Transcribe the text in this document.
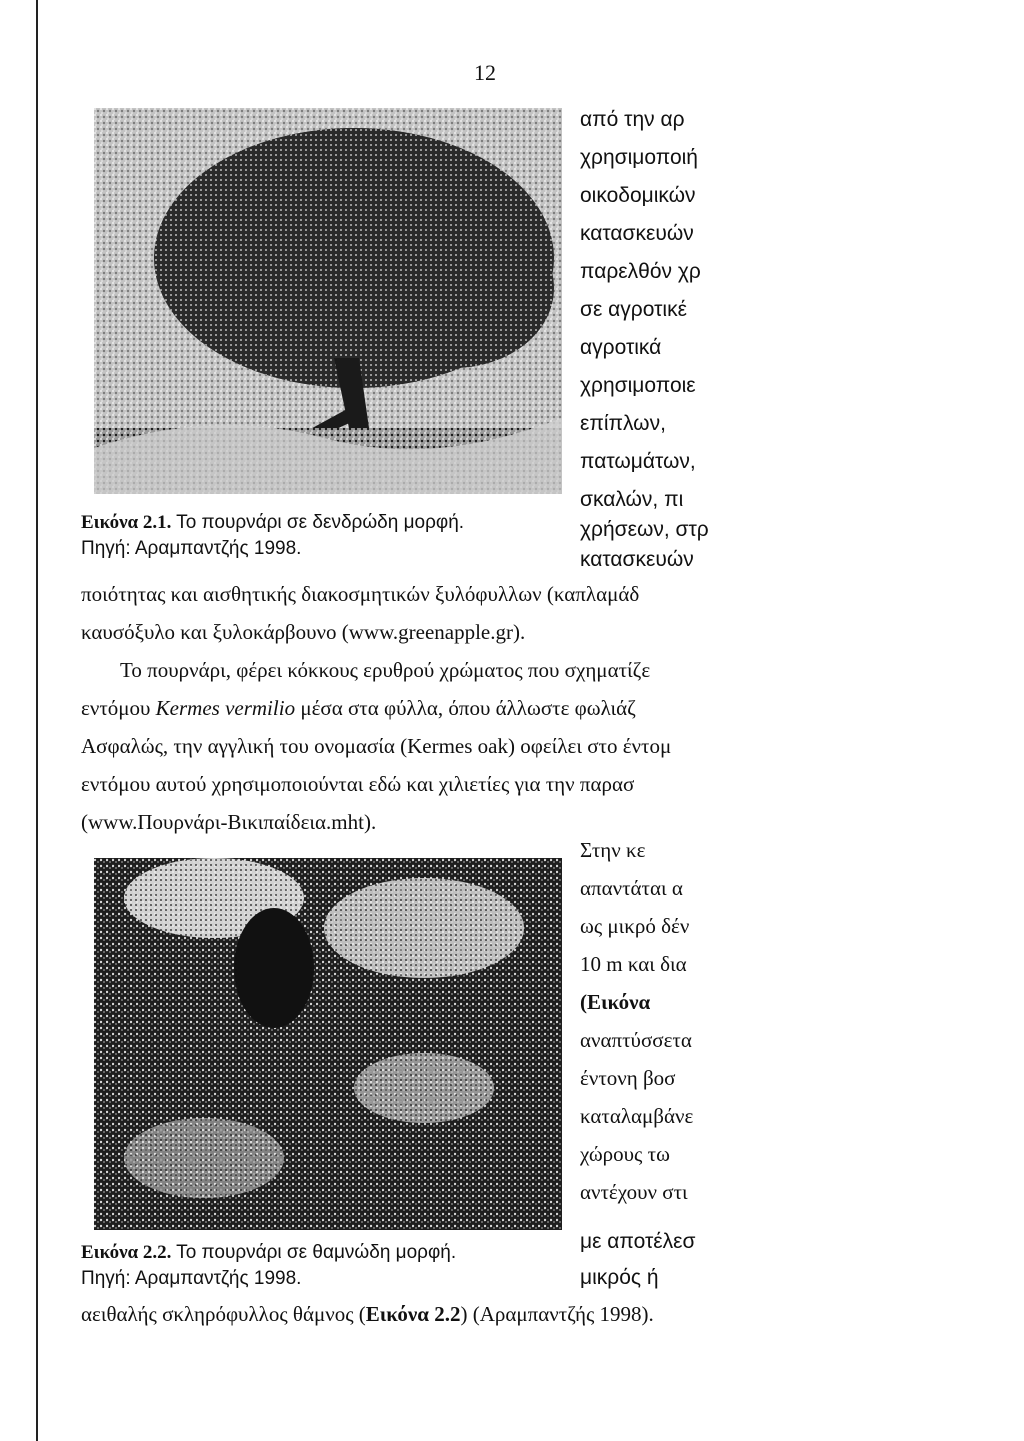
12
από την αρ
χρησιμοποιή
οικοδομικών
κατασκευών
παρελθόν χρ
σε αγροτικέ
αγροτικά
χρησιμοποιε
επίπλων,
πατωμάτων,
σκαλών, πι
χρήσεων, στρ
κατασκευών
Εικόνα 2.1. Το πουρνάρι σε δενδρώδη μορφή.
Πηγή: Αραμπαντζής 1998.
ποιότητας και αισθητικής διακοσμητικών ξυλόφυλλων (καπλαμάδ
καυσόξυλο και ξυλοκάρβουνο (www.greenapple.gr).
Το πουρνάρι, φέρει κόκκους ερυθρού χρώματος που σχηματίζε
εντόμου Kermes vermilio μέσα στα φύλλα, όπου άλλωστε φωλιάζ
Ασφαλώς, την αγγλική του ονομασία (Kermes oak) οφείλει στο έντομ
εντόμου αυτού χρησιμοποιούνται εδώ και χιλιετίες για την παρασ
(www.Πουρνάρι-Βικιπαίδεια.mht).
Στην κε
απαντάται α
ως μικρό δέν
10 m και δια
(Εικόνα
αναπτύσσετα
έντονη βοσ
καταλαμβάνε
χώρους τω
αντέχουν στι
με αποτέλεσ
μικρός ή
Εικόνα 2.2. Το πουρνάρι σε θαμνώδη μορφή.
Πηγή: Αραμπαντζής 1998.
αειθαλής σκληρόφυλλος θάμνος (Εικόνα 2.2) (Αραμπαντζής 1998).
